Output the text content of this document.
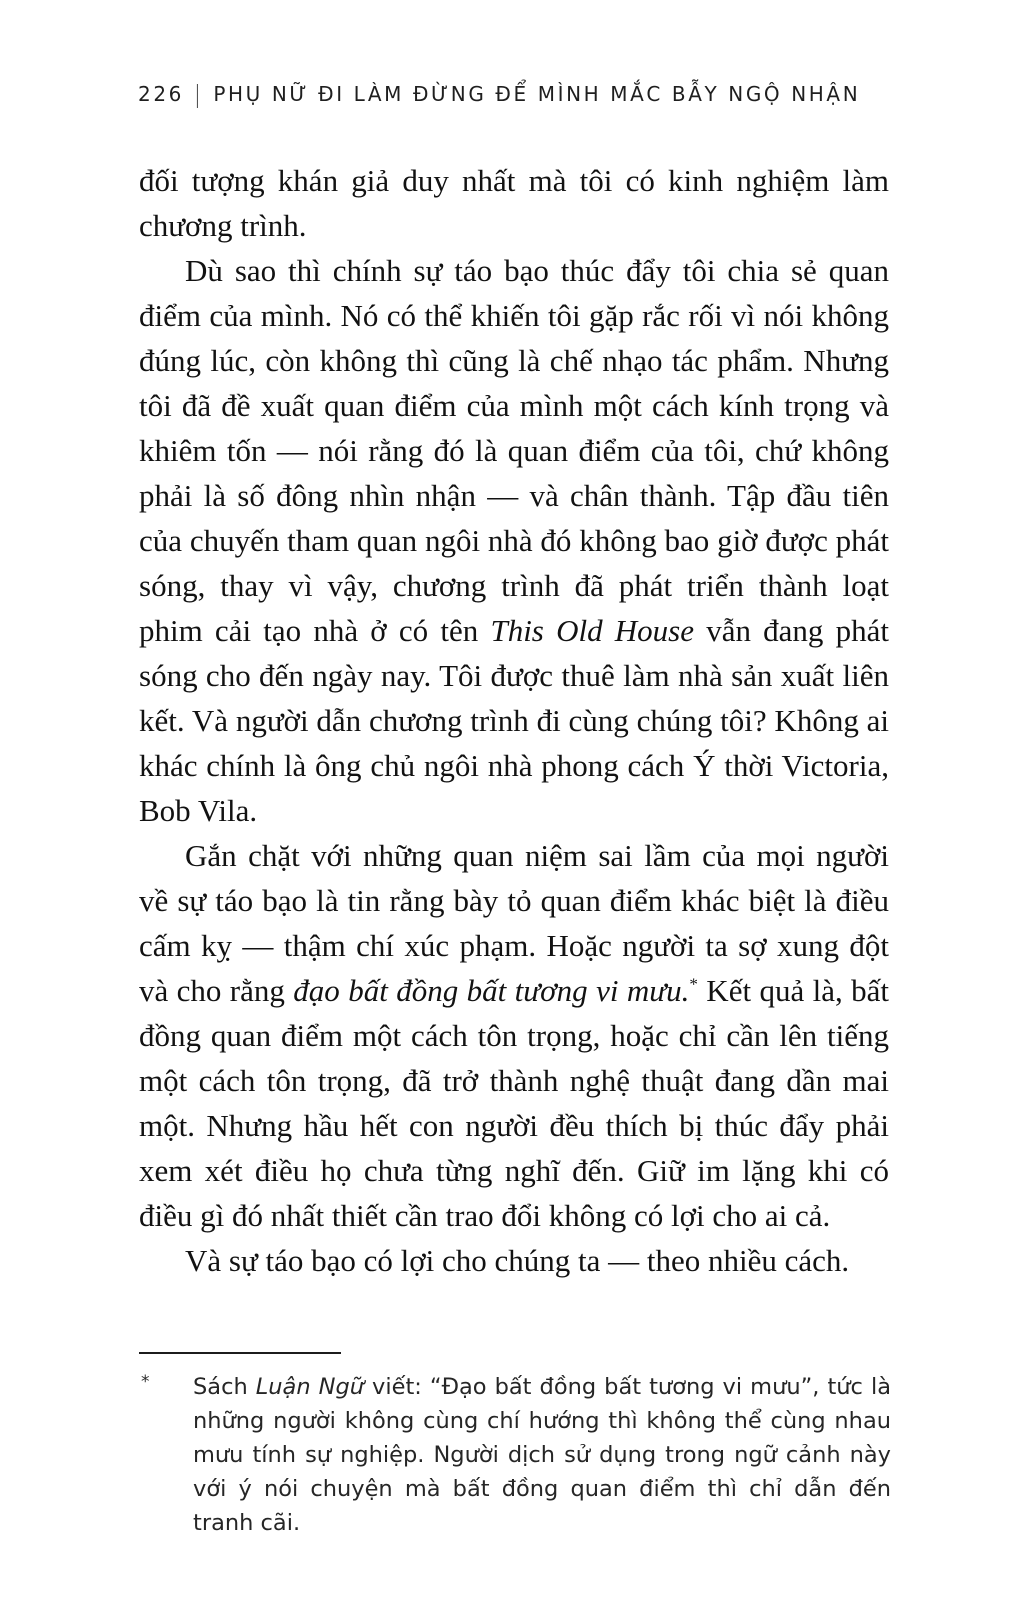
226 | PHỤ NỮ ĐI LÀM ĐỪNG ĐỂ MÌNH MẮC BẪY NGỘ NHẬN

đối tượng khán giả duy nhất mà tôi có kinh nghiệm làm chương trình.

Dù sao thì chính sự táo bạo thúc đẩy tôi chia sẻ quan điểm của mình. Nó có thể khiến tôi gặp rắc rối vì nói không đúng lúc, còn không thì cũng là chế nhạo tác phẩm. Nhưng tôi đã đề xuất quan điểm của mình một cách kính trọng và khiêm tốn — nói rằng đó là quan điểm của tôi, chứ không phải là số đông nhìn nhận — và chân thành. Tập đầu tiên của chuyến tham quan ngôi nhà đó không bao giờ được phát sóng, thay vì vậy, chương trình đã phát triển thành loạt phim cải tạo nhà ở có tên This Old House vẫn đang phát sóng cho đến ngày nay. Tôi được thuê làm nhà sản xuất liên kết. Và người dẫn chương trình đi cùng chúng tôi? Không ai khác chính là ông chủ ngôi nhà phong cách Ý thời Victoria, Bob Vila.

Gắn chặt với những quan niệm sai lầm của mọi người về sự táo bạo là tin rằng bày tỏ quan điểm khác biệt là điều cấm kỵ — thậm chí xúc phạm. Hoặc người ta sợ xung đột và cho rằng đạo bất đồng bất tương vi mưu.* Kết quả là, bất đồng quan điểm một cách tôn trọng, hoặc chỉ cần lên tiếng một cách tôn trọng, đã trở thành nghệ thuật đang dần mai một. Nhưng hầu hết con người đều thích bị thúc đẩy phải xem xét điều họ chưa từng nghĩ đến. Giữ im lặng khi có điều gì đó nhất thiết cần trao đổi không có lợi cho ai cả.

Và sự táo bạo có lợi cho chúng ta — theo nhiều cách.

* Sách Luận Ngữ viết: “Đạo bất đồng bất tương vi mưu”, tức là những người không cùng chí hướng thì không thể cùng nhau mưu tính sự nghiệp. Người dịch sử dụng trong ngữ cảnh này với ý nói chuyện mà bất đồng quan điểm thì chỉ dẫn đến tranh cãi.
